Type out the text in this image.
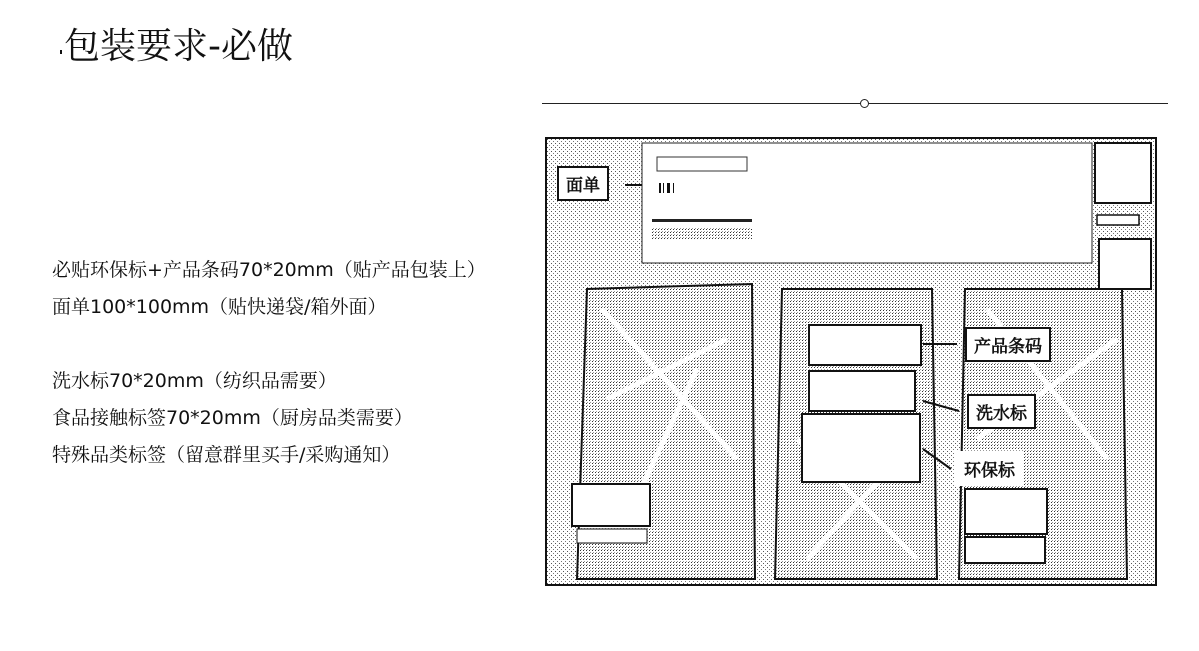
包装要求-必做
必贴环保标+产品条码70*20mm（贴产品包装上）
面单100*100mm（贴快递袋/箱外面）
洗水标70*20mm（纺织品需要）
食品接触标签70*20mm（厨房品类需要）
特殊品类标签（留意群里买手/采购通知）
面单
产品条码
洗水标
环保标
